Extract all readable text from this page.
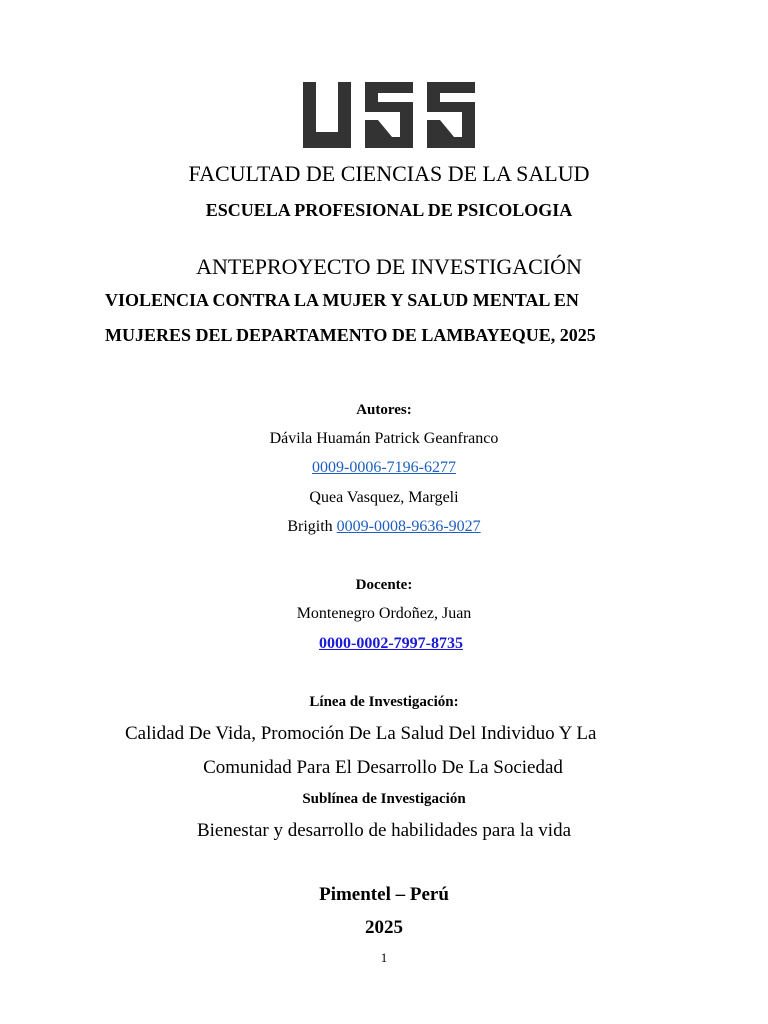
FACULTAD DE CIENCIAS DE LA SALUD
ESCUELA PROFESIONAL DE PSICOLOGIA
ANTEPROYECTO DE INVESTIGACIÓN
VIOLENCIA CONTRA LA MUJER Y SALUD MENTAL EN
MUJERES DEL DEPARTAMENTO DE LAMBAYEQUE, 2025
Autores:
Dávila Huamán Patrick Geanfranco
0009-0006-7196-6277
Quea Vasquez, Margeli
Brigith 0009-0008-9636-9027
Docente:
Montenegro Ordoñez, Juan
0000-0002-7997-8735
Línea de Investigación:
Calidad De Vida, Promoción De La Salud Del Individuo Y La
Comunidad Para El Desarrollo De La Sociedad
Sublínea de Investigación
Bienestar y desarrollo de habilidades para la vida
Pimentel – Perú
2025
1
